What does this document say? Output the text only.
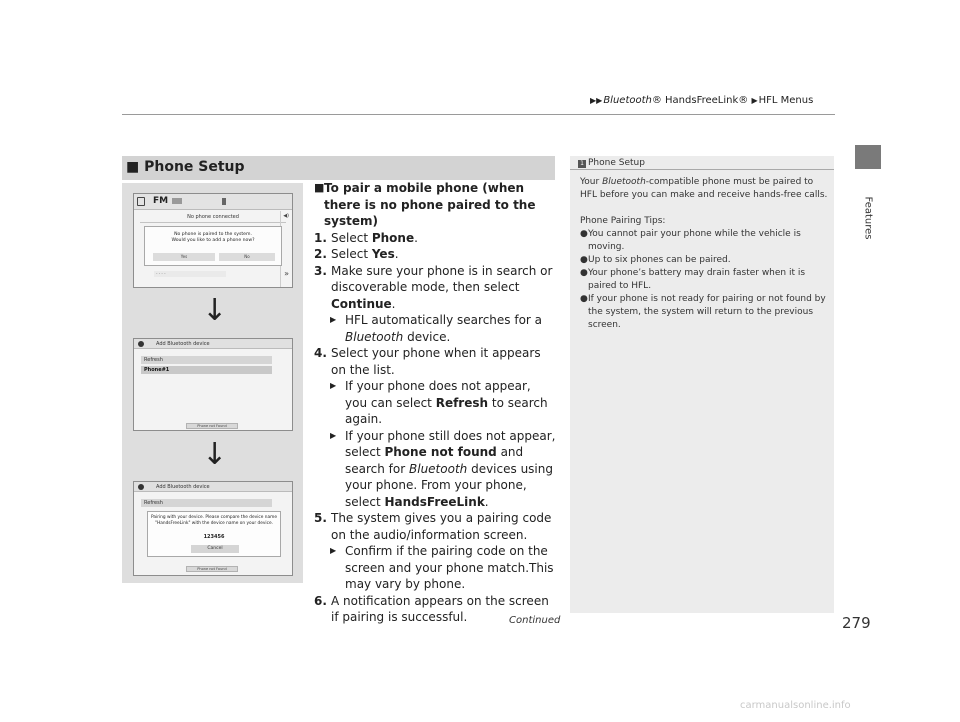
▶▶Bluetooth® HandsFreeLink® ▶HFL Menus
Features
■ Phone Setup
FM
◀)
No phone connected
No phone is paired to the system.
Would you like to add a phone now?
Yes	No
- - - -	»
↓
Add Bluetooth device
Refresh
Phone#1
Phone not Found
↓
Add Bluetooth device
Refresh
Pairing with your device. Please compare the device name
"HandsFreeLink" with the device name on your device.
123456
Cancel
Phone not Found

■ To pair a mobile phone (when there is no phone paired to the system)

1. Select Phone.

2. Select Yes.

3. Make sure your phone is in search or discoverable mode, then select Continue.

▶ HFL automatically searches for a Bluetooth device.

4. Select your phone when it appears on the list.

▶ If your phone does not appear, you can select Refresh to search again.

▶ If your phone still does not appear, select Phone not found and search for Bluetooth devices using your phone. From your phone, select HandsFreeLink.

5. The system gives you a pairing code on the audio/information screen.

▶ Confirm if the pairing code on the screen and your phone match.This may vary by phone.

6. A notification appears on the screen if pairing is successful.

1 Phone Setup

Your Bluetooth-compatible phone must be paired to HFL before you can make and receive hands-free calls.

Phone Pairing Tips:

● You cannot pair your phone while the vehicle is moving.

● Up to six phones can be paired.

● Your phone’s battery may drain faster when it is paired to HFL.

● If your phone is not ready for pairing or not found by the system, the system will return to the previous screen.

Continued	279
carmanualsonline.info
